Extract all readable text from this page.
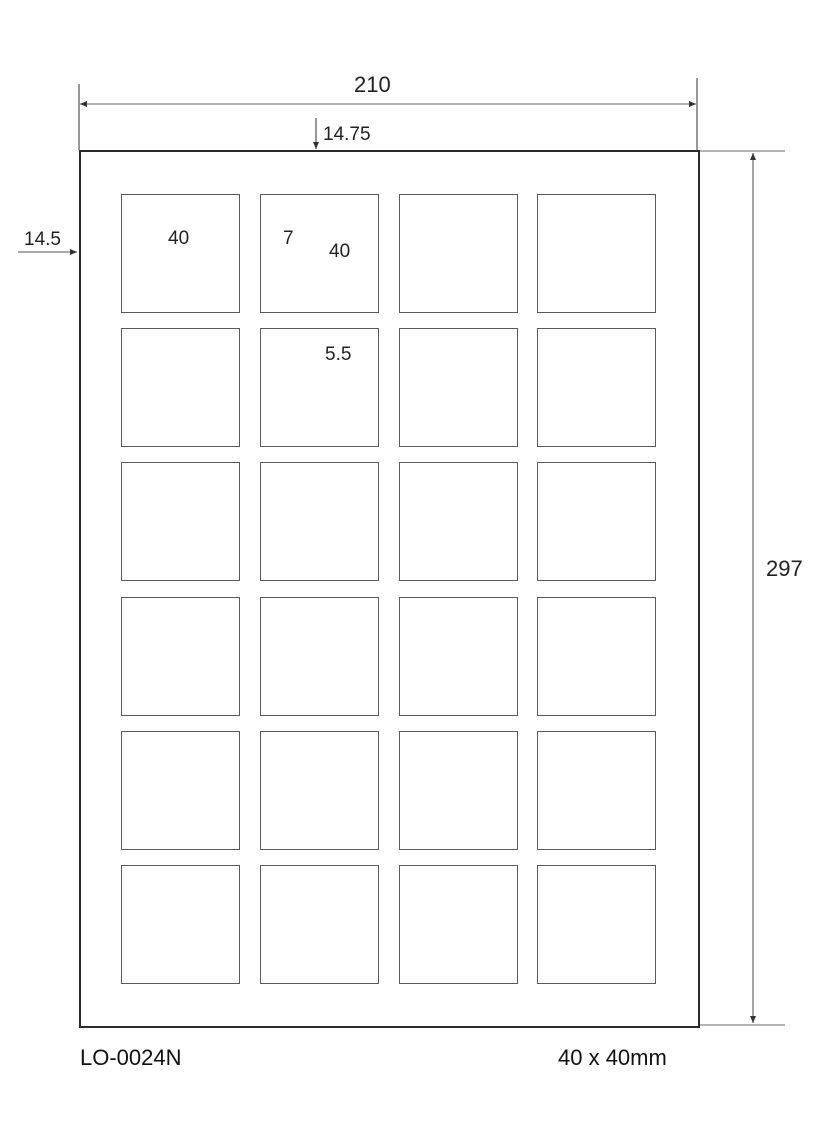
210
14.75
14.5	40	7
40
5.5
297
LO-0024N	40 x 40mm
